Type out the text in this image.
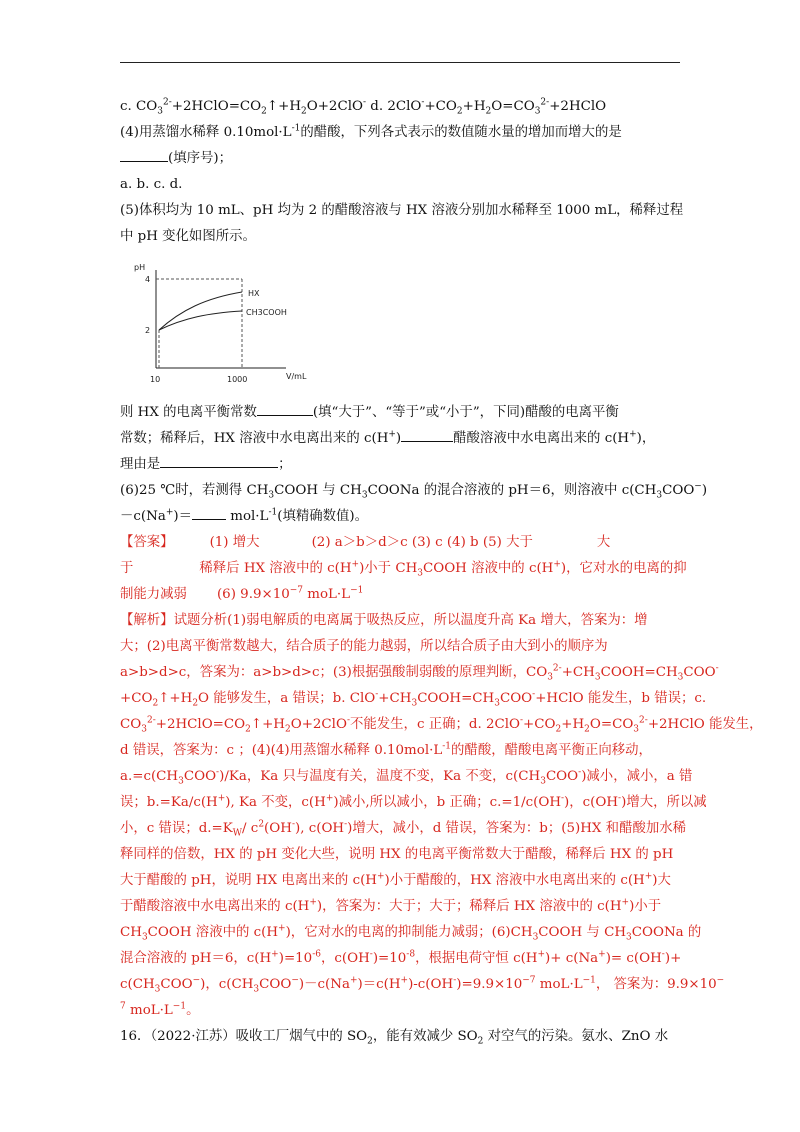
c. $CO_3^{2-}+2HClO=CO_2↑+H_2O+2ClO^-$ d. $2ClO^-+CO_2+H_2O=CO_3^{2-}+2HClO$
(4)用蒸馏水稀释 $0.10mol\cdot L^{-1}$的醋酸，下列各式表示的数值随水量的增加而增大的是
(填序号)；
a. b. c. d.
(5)体积均为 10 mL、pH 均为 2 的醋酸溶液与 HX 溶液分别加水稀释至 1000 mL，稀释过程
中 pH 变化如图所示。
pH
V/mL
4
2
10	1000
HX
CH3COOH
则 HX 的电离平衡常数	(填“大于”、“等于”或“小于”，下同)醋酸的电离平衡
常数；稀释后，HX 溶液中水电离出来的 c(H+)	醋酸溶液中水电离出来的 c(H+)，
理由是	；
(6)25 ℃时，若测得 $CH_3COOH$ 与 $CH_3COONa$ 的混合溶液的 pH＝6，则溶液中 $c(CH_3COO^-)$
－c(Na+)＝	$mol\cdot L^{-1}$(填精确数值)。
【答案】	(1) 增大	(2) a＞b＞d＞c (3) c (4) b (5) 大于	大
于	稀释后 HX 溶液中的 c(H+)小于 $CH_3COOH$ 溶液中的 c(H+)，它对水的电离的抑
制能力减弱 (6) $9.9\times 10^{-7}$ $moL\cdot L^{-1}$
【解析】试题分析(1)弱电解质的电离属于吸热反应，所以温度升高 Ka 增大，答案为：增
大；(2)电离平衡常数越大，结合质子的能力越弱，所以结合质子由大到小的顺序为
a>b>d>c，答案为：a>b>d>c；(3)根据强酸制弱酸的原理判断，$CO_3^{2-}+CH_3COOH=CH_3COO^-$
$+CO_2↑+H_2O$ 能够发生，a 错误；b. $ClO^-+CH_3COOH=CH_3COO^-+HClO$ 能发生，b 错误；c.
$CO_3^{2-}+2HClO=CO_2↑+H_2O+2ClO^-$不能发生，c 正确；d. $2ClO^-+CO_2+H_2O=CO_3^{2-}+2HClO$ 能发生，
d 错误，答案为：c ；(4)(4)用蒸馏水稀释 $0.10mol\cdot L^{-1}$的醋酸，醋酸电离平衡正向移动，
$a.=c(CH_3COO^-)/Ka$，Ka 只与温度有关，温度不变，Ka 不变，$c(CH_3COO^-)$减小，减小，a 错
误；b.=Ka/c(H+), Ka 不变，c(H+)减小,所以减小，b 正确；c.=1/c(OH-)，c(OH-)增大，所以减
小，c 错误；$d.=K_W/$ $c^2(OH^-)$, c(OH-)增大，减小，d 错误，答案为：b；(5)HX 和醋酸加水稀
释同样的倍数，HX 的 pH 变化大些，说明 HX 的电离平衡常数大于醋酸，稀释后 HX 的 pH
大于醋酸的 pH，说明 HX 电离出来的 c(H+)小于醋酸的，HX 溶液中水电离出来的 c(H+)大
于醋酸溶液中水电离出来的 c(H+)，答案为：大于；大于；稀释后 HX 溶液中的 c(H+)小于
$CH_3COOH$ 溶液中的 c(H+)，它对水的电离的抑制能力减弱；$(6)CH_3COOH$ 与 $CH_3COONa$ 的
混合溶液的 pH＝6，$c(H^+)=10^{-6}$，$c(OH^-)=10^{-8}$，根据电荷守恒 c(H+)+ c(Na+)= c(OH-)+
$c(CH_3COO^-)$，$c(CH_3COO^-)-c(Na^+)=c(H^+)-c(OH^-)=9.9\times 10^{-7}$ $moL\cdot L^{-1}$， 答案为：9.9×10−
$^7$ $moL\cdot L^{-1}$。
16．（2022·江苏）吸收工厂烟气中的 $SO_2$，能有效减少 $SO_2$ 对空气的污染。氨水、ZnO 水
